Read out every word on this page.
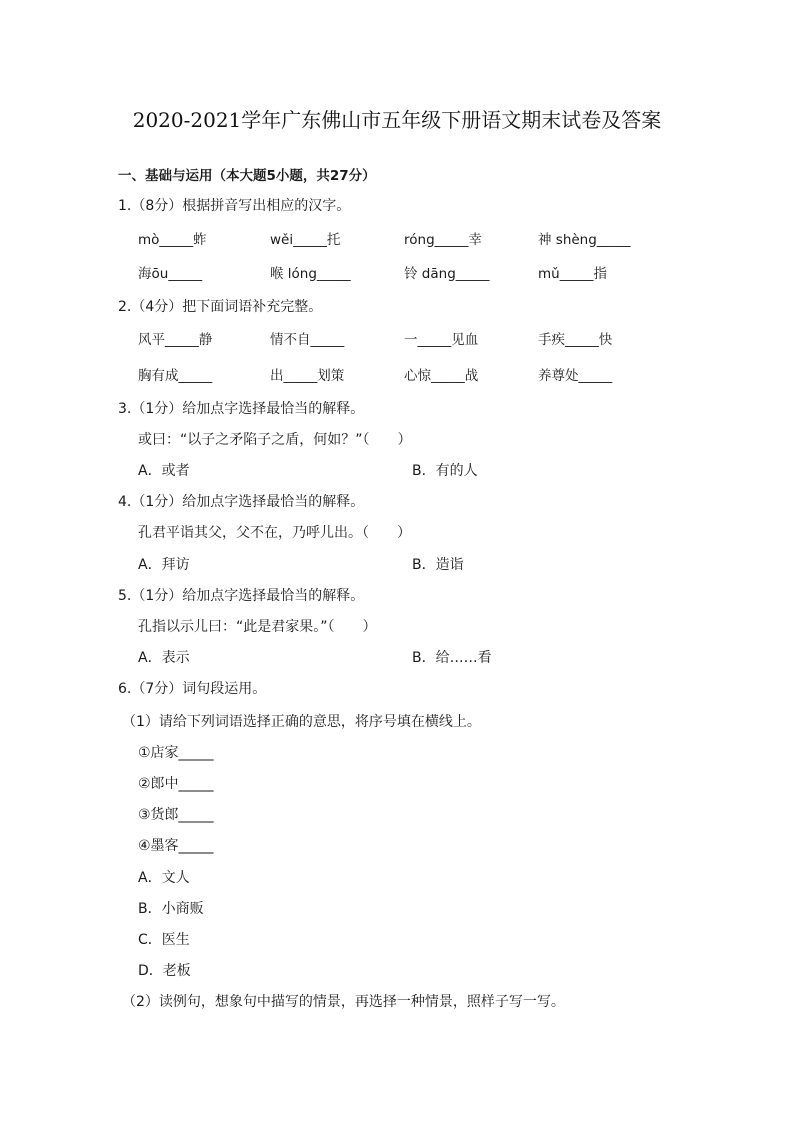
2020-2021学年广东佛山市五年级下册语文期末试卷及答案
一、基础与运用（本大题5小题，共27分）
1.（8分）根据拼音写出相应的汉字。
mò_____蚱	wěi_____托	róng_____幸	神 shèng_____
海ōu_____	喉 lóng_____	铃 dāng_____	mǔ_____指
2.（4分）把下面词语补充完整。
风平_____静	情不自_____	一_____见血	手疾_____快
胸有成_____	出_____划策	心惊_____战	养尊处_____
3.（1分）给加点字选择最恰当的解释。
或曰：“以子之矛陷子之盾，何如？”（　　）
A．或者	B．有的人
4.（1分）给加点字选择最恰当的解释。
孔君平诣其父，父不在，乃呼儿出。（　　）
A．拜访	B．造诣
5.（1分）给加点字选择最恰当的解释。
孔指以示儿曰：“此是君家果。”（　　）
A．表示	B．给……看
6.（7分）词句段运用。
（1）请给下列词语选择正确的意思，将序号填在横线上。
①店家_____
②郎中_____
③货郎_____
④墨客_____
A．文人
B．小商贩
C．医生
D．老板
（2）读例句，想象句中描写的情景，再选择一种情景，照样子写一写。
